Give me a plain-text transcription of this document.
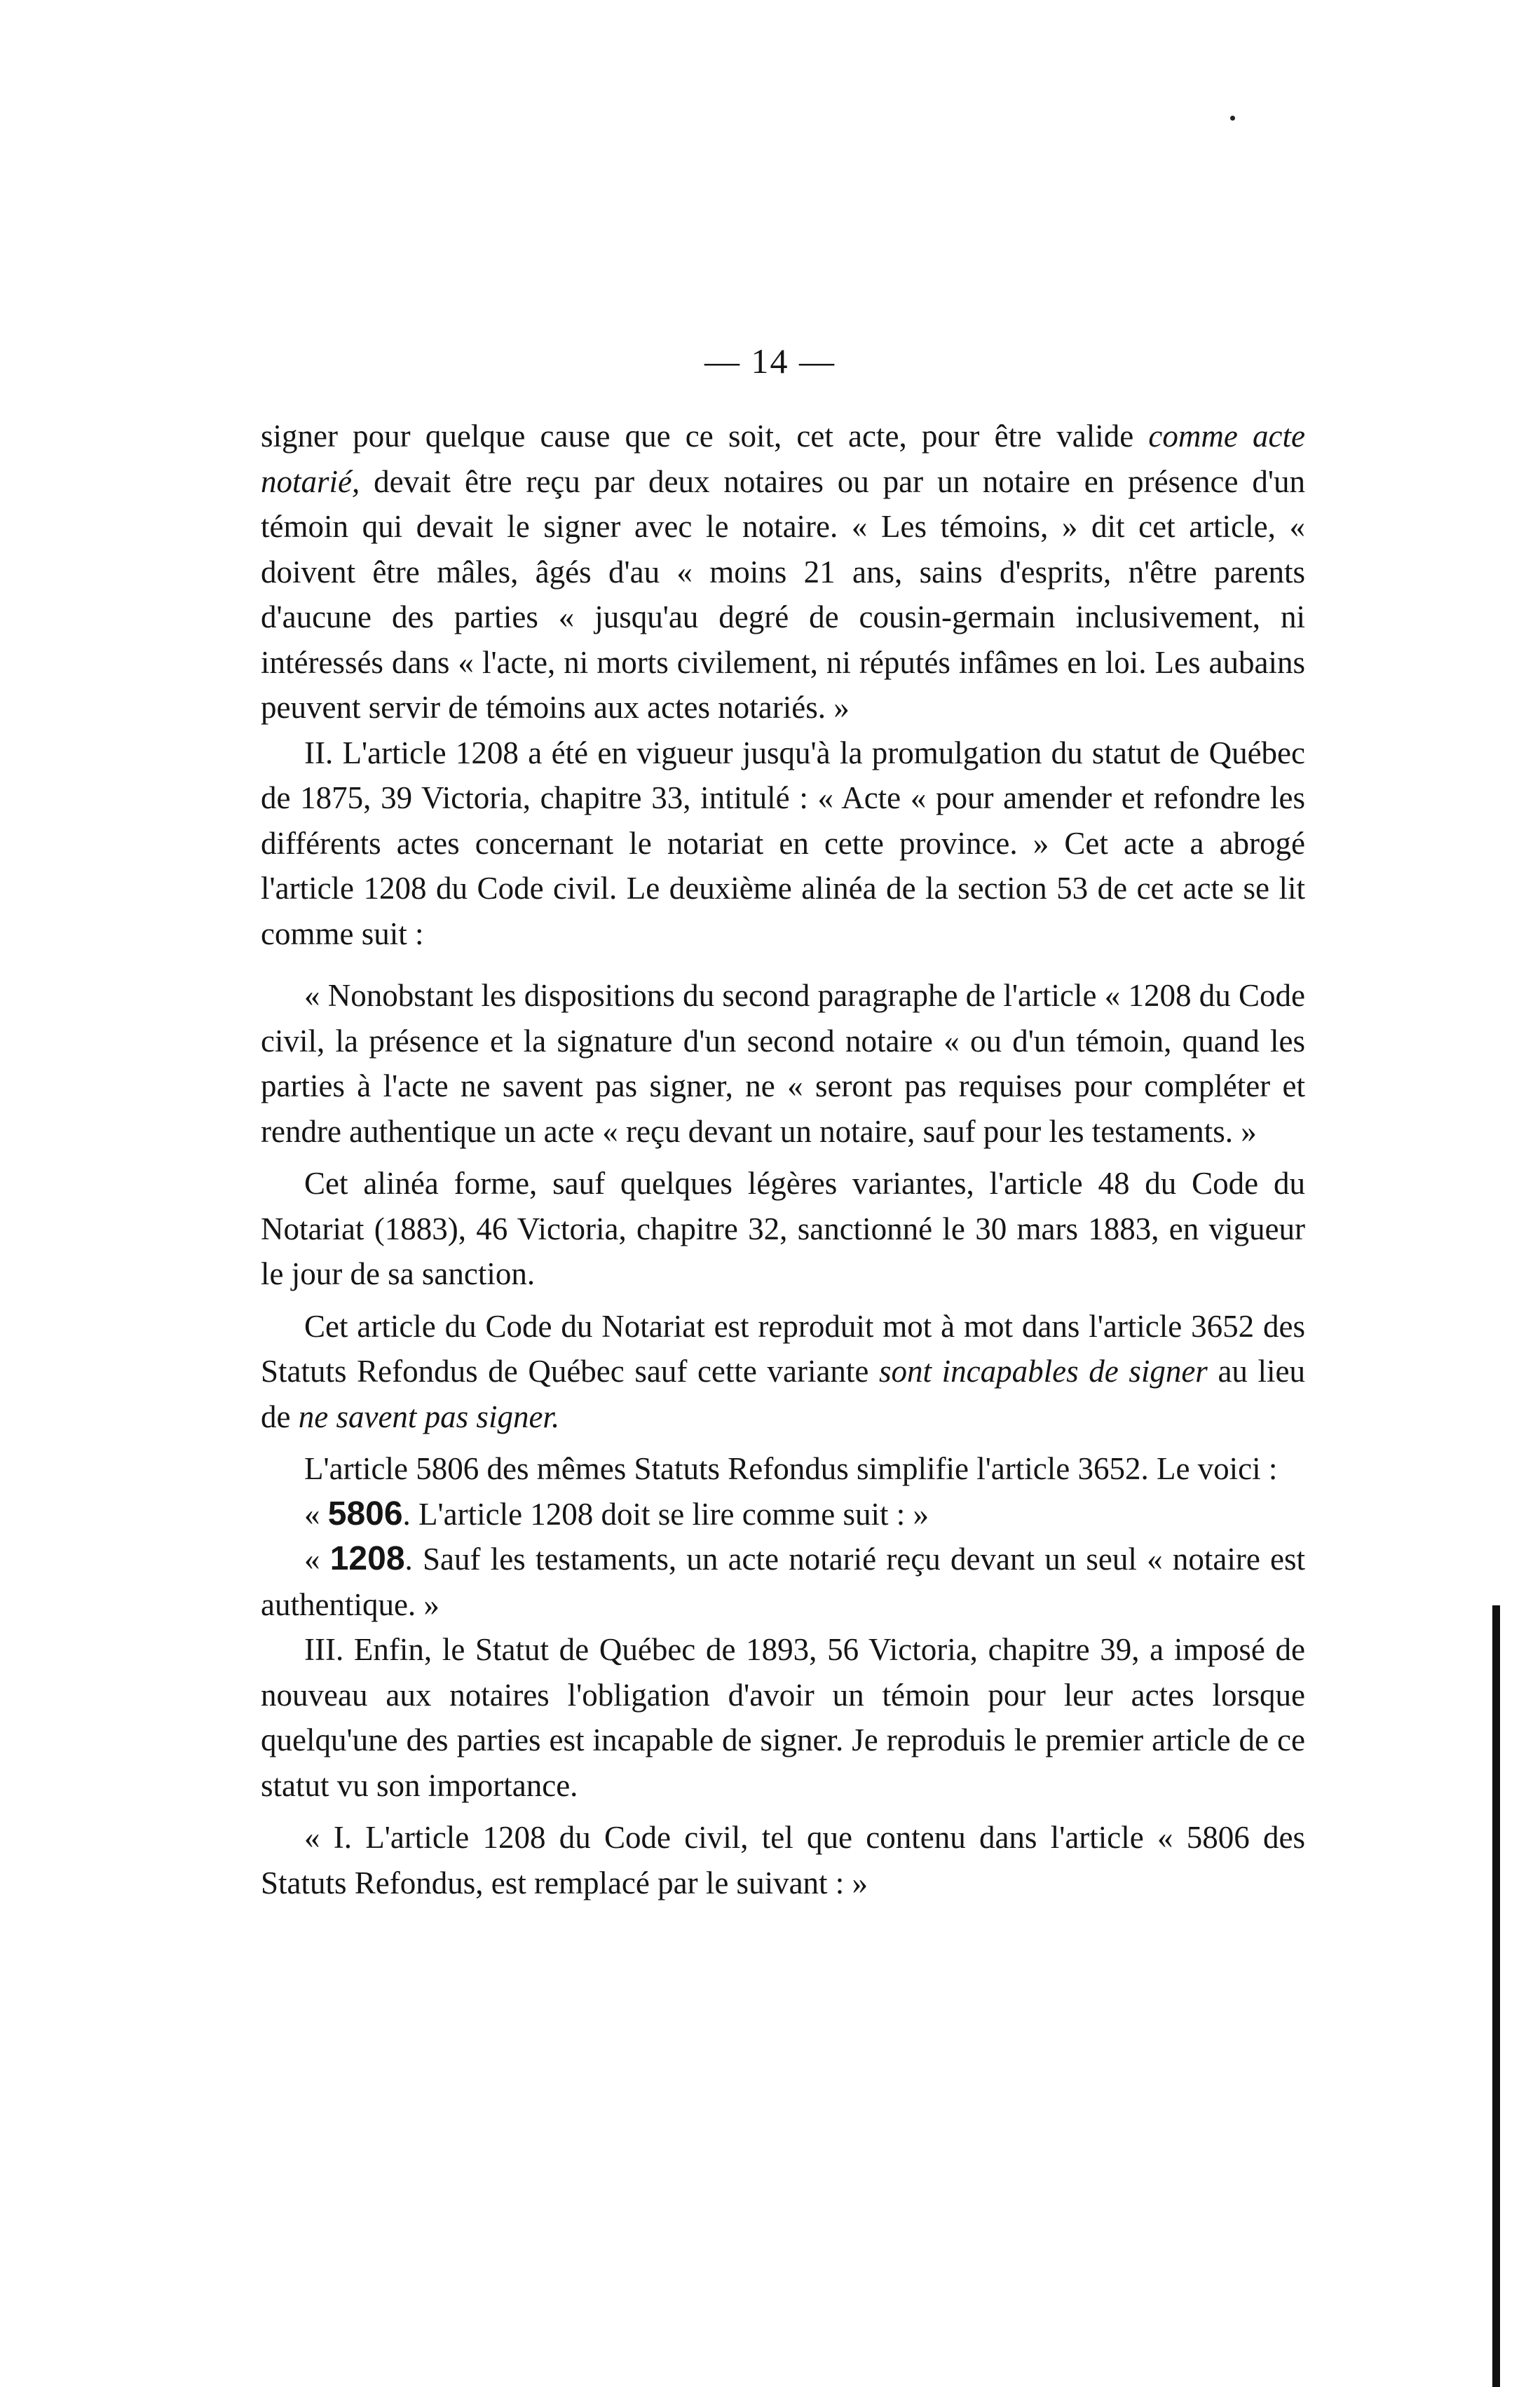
— 14 —

signer pour quelque cause que ce soit, cet acte, pour être valide comme acte notarié, devait être reçu par deux notaires ou par un notaire en présence d'un témoin qui devait le signer avec le notaire. « Les témoins, » dit cet article, « doivent être mâles, âgés d'au « moins 21 ans, sains d'esprits, n'être parents d'aucune des parties « jusqu'au degré de cousin-germain inclusivement, ni intéressés dans « l'acte, ni morts civilement, ni réputés infâmes en loi. Les aubains peuvent servir de témoins aux actes notariés. »

II. L'article 1208 a été en vigueur jusqu'à la promulgation du statut de Québec de 1875, 39 Victoria, chapitre 33, intitulé : « Acte « pour amender et refondre les différents actes concernant le notariat en cette province. » Cet acte a abrogé l'article 1208 du Code civil. Le deuxième alinéa de la section 53 de cet acte se lit comme suit :

« Nonobstant les dispositions du second paragraphe de l'article « 1208 du Code civil, la présence et la signature d'un second notaire « ou d'un témoin, quand les parties à l'acte ne savent pas signer, ne « seront pas requises pour compléter et rendre authentique un acte « reçu devant un notaire, sauf pour les testaments. »

Cet alinéa forme, sauf quelques légères variantes, l'article 48 du Code du Notariat (1883), 46 Victoria, chapitre 32, sanctionné le 30 mars 1883, en vigueur le jour de sa sanction.

Cet article du Code du Notariat est reproduit mot à mot dans l'article 3652 des Statuts Refondus de Québec sauf cette variante sont incapables de signer au lieu de ne savent pas signer.

L'article 5806 des mêmes Statuts Refondus simplifie l'article 3652. Le voici :

« 5806. L'article 1208 doit se lire comme suit : »

« 1208. Sauf les testaments, un acte notarié reçu devant un seul « notaire est authentique. »

III. Enfin, le Statut de Québec de 1893, 56 Victoria, chapitre 39, a imposé de nouveau aux notaires l'obligation d'avoir un témoin pour leur actes lorsque quelqu'une des parties est incapable de signer. Je reproduis le premier article de ce statut vu son importance.

« I. L'article 1208 du Code civil, tel que contenu dans l'article « 5806 des Statuts Refondus, est remplacé par le suivant : »
